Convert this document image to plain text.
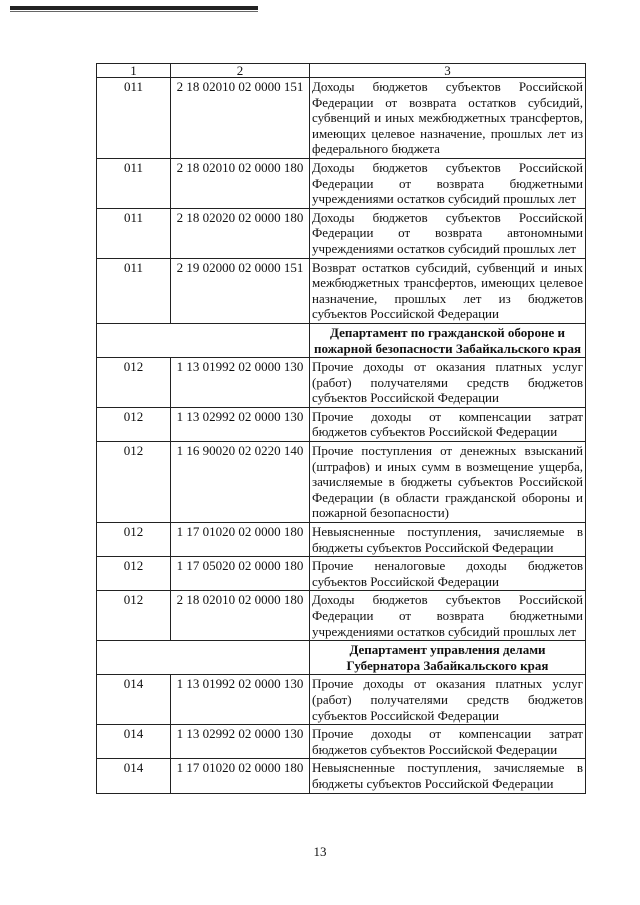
1	2	3
011	2 18 02010 02 0000 151	Доходы бюджетов субъектов Российской Федерации от возврата остатков субсидий, субвенций и иных межбюджетных трансфертов, имеющих целевое назначение, прошлых лет из федерального бюджета
011	2 18 02010 02 0000 180	Доходы бюджетов субъектов Российской Федерации от возврата бюджетными учреждениями остатков субсидий прошлых лет
011	2 18 02020 02 0000 180	Доходы бюджетов субъектов Российской Федерации от возврата автономными учреждениями остатков субсидий прошлых лет
011	2 19 02000 02 0000 151	Возврат остатков субсидий, субвенций и иных межбюджетных трансфертов, имеющих целевое назначение, прошлых лет из бюджетов субъектов Российской Федерации
		Департамент по гражданской обороне и пожарной безопасности Забайкальского края
012	1 13 01992 02 0000 130	Прочие доходы от оказания платных услуг (работ) получателями средств бюджетов субъектов Российской Федерации
012	1 13 02992 02 0000 130	Прочие доходы от компенсации затрат бюджетов субъектов Российской Федерации
012	1 16 90020 02 0220 140	Прочие поступления от денежных взысканий (штрафов) и иных сумм в возмещение ущерба, зачисляемые в бюджеты субъектов Российской Федерации (в области гражданской обороны и пожарной безопасности)
012	1 17 01020 02 0000 180	Невыясненные поступления, зачисляемые в бюджеты субъектов Российской Федерации
012	1 17 05020 02 0000 180	Прочие неналоговые доходы бюджетов субъектов Российской Федерации
012	2 18 02010 02 0000 180	Доходы бюджетов субъектов Российской Федерации от возврата бюджетными учреждениями остатков субсидий прошлых лет
		Департамент управления делами Губернатора Забайкальского края
014	1 13 01992 02 0000 130	Прочие доходы от оказания платных услуг (работ) получателями средств бюджетов субъектов Российской Федерации
014	1 13 02992 02 0000 130	Прочие доходы от компенсации затрат бюджетов субъектов Российской Федерации
014	1 17 01020 02 0000 180	Невыясненные поступления, зачисляемые в бюджеты субъектов Российской Федерации
13
